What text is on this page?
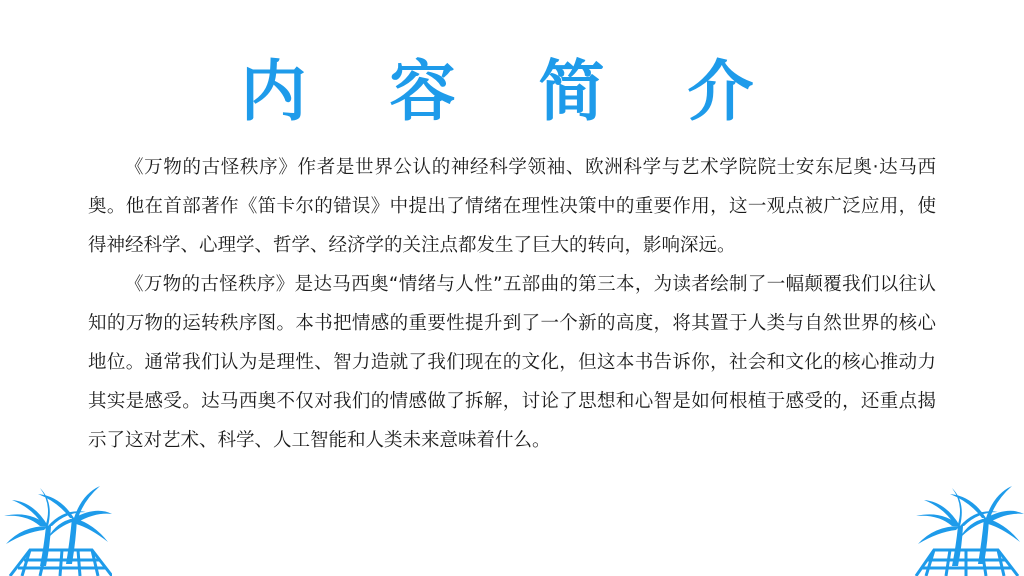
内 容 简 介

《万物的古怪秩序》作者是世界公认的神经科学领袖、欧洲科学与艺术学院院士安东尼奥·达马西奥。他在首部著作《笛卡尔的错误》中提出了情绪在理性决策中的重要作用，这一观点被广泛应用，使得神经科学、心理学、哲学、经济学的关注点都发生了巨大的转向，影响深远。

《万物的古怪秩序》是达马西奥“情绪与人性”五部曲的第三本，为读者绘制了一幅颠覆我们以往认知的万物的运转秩序图。本书把情感的重要性提升到了一个新的高度，将其置于人类与自然世界的核心地位。通常我们认为是理性、智力造就了我们现在的文化，但这本书告诉你，社会和文化的核心推动力其实是感受。达马西奥不仅对我们的情感做了拆解，讨论了思想和心智是如何根植于感受的，还重点揭示了这对艺术、科学、人工智能和人类未来意味着什么。
